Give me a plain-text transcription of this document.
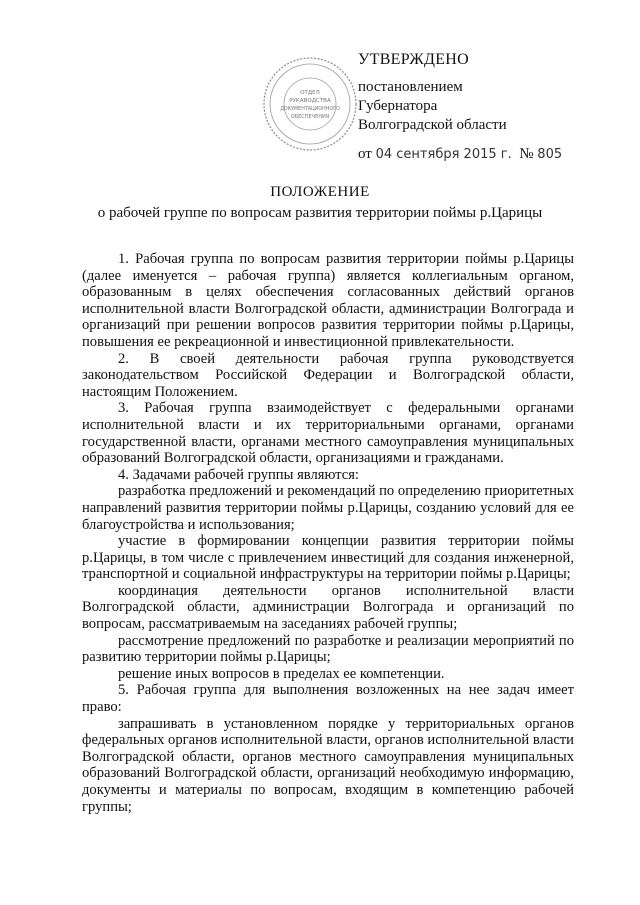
ОТДЕЛ
РУКАВОДСТВА
ДОКУМЕНТАЦИОННОГО
ОБЕСПЕЧЕНИЯ
УТВЕРЖДЕНО
постановлением
Губернатора
Волгоградской области
от 04 сентября 2015 г. № 805
ПОЛОЖЕНИЕ
о рабочей группе по вопросам развития территории поймы р.Царицы

1. Рабочая группа по вопросам развития территории поймы р.Царицы (далее именуется – рабочая группа) является коллегиальным органом, образованным в целях обеспечения согласованных действий органов исполнительной власти Волгоградской области, администрации Волгограда и организаций при решении вопросов развития территории поймы р.Царицы, повышения ее рекреационной и инвестиционной привлекательности.

2. В своей деятельности рабочая группа руководствуется законодательством Российской Федерации и Волгоградской области, настоящим Положением.

3. Рабочая группа взаимодействует с федеральными органами исполнительной власти и их территориальными органами, органами государственной власти, органами местного самоуправления муниципальных образований Волгоградской области, организациями и гражданами.

4. Задачами рабочей группы являются:

разработка предложений и рекомендаций по определению приоритетных направлений развития территории поймы р.Царицы, созданию условий для ее благоустройства и использования;

участие в формировании концепции развития территории поймы р.Царицы, в том числе с привлечением инвестиций для создания инженерной, транспортной и социальной инфраструктуры на территории поймы р.Царицы;

координация деятельности органов исполнительной власти Волгоградской области, администрации Волгограда и организаций по вопросам, рассматриваемым на заседаниях рабочей группы;

рассмотрение предложений по разработке и реализации мероприятий по развитию территории поймы р.Царицы;

решение иных вопросов в пределах ее компетенции.

5. Рабочая группа для выполнения возложенных на нее задач имеет право:

запрашивать в установленном порядке у территориальных органов федеральных органов исполнительной власти, органов исполнительной власти Волгоградской области, органов местного самоуправления муниципальных образований Волгоградской области, организаций необходимую информацию, документы и материалы по вопросам, входящим в компетенцию рабочей группы;
